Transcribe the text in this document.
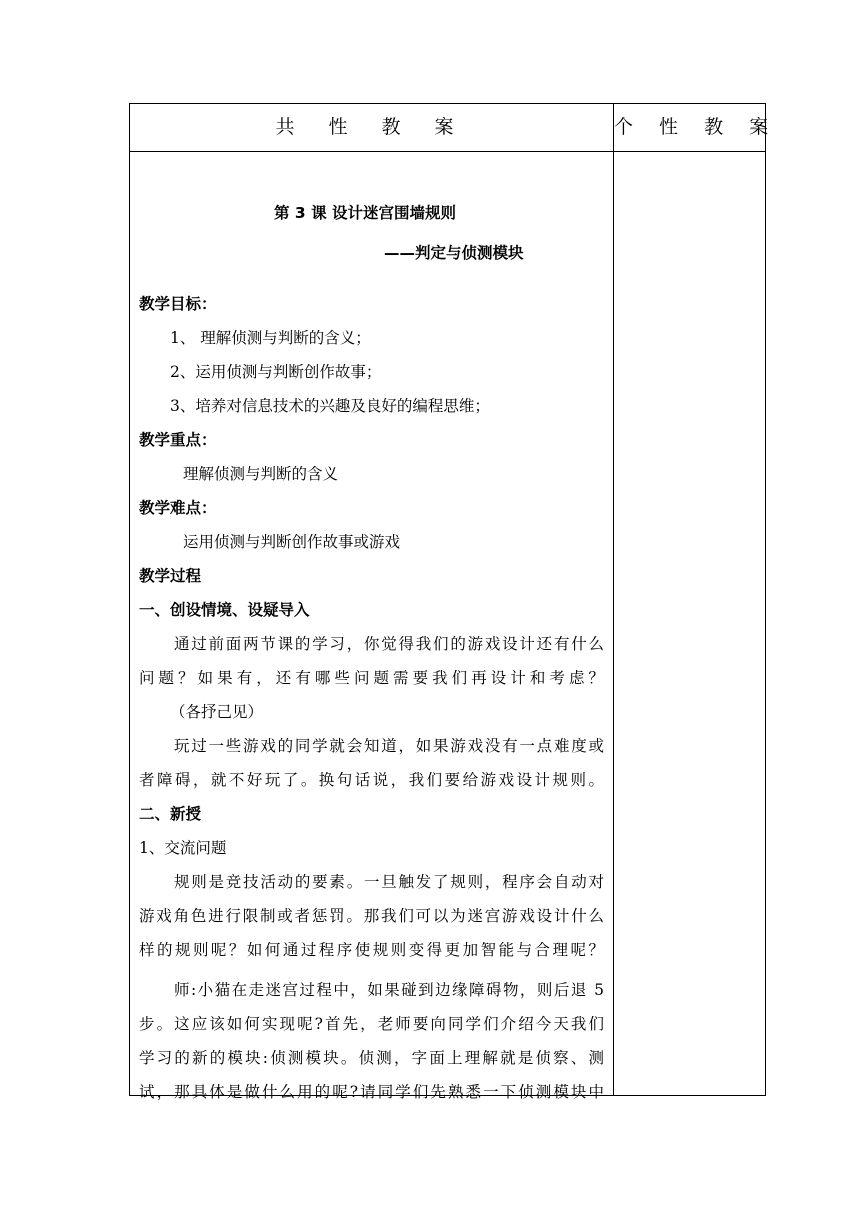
共 性 教 案	个 性 教 案
第 3 课 设计迷宫围墙规则
——判定与侦测模块
教学目标：
1、 理解侦测与判断的含义；
2、运用侦测与判断创作故事；
3、培养对信息技术的兴趣及良好的编程思维；
教学重点：
理解侦测与判断的含义
教学难点：
运用侦测与判断创作故事或游戏
教学过程
一、创设情境、设疑导入
通过前面两节课的学习，你觉得我们的游戏设计还有什么
问题？如果有，还有哪些问题需要我们再设计和考虑？
（各抒己见）
玩过一些游戏的同学就会知道，如果游戏没有一点难度或
者障碍，就不好玩了。换句话说，我们要给游戏设计规则。
二、新授
1、交流问题
规则是竞技活动的要素。一旦触发了规则，程序会自动对
游戏角色进行限制或者惩罚。那我们可以为迷宫游戏设计什么
样的规则呢？如何通过程序使规则变得更加智能与合理呢？
师:小猫在走迷宫过程中，如果碰到边缘障碍物，则后退 5
步。这应该如何实现呢?首先，老师要向同学们介绍今天我们
学习的新的模块:侦测模块。侦测，字面上理解就是侦察、测
试，那具体是做什么用的呢?请同学们先熟悉一下侦测模块中
